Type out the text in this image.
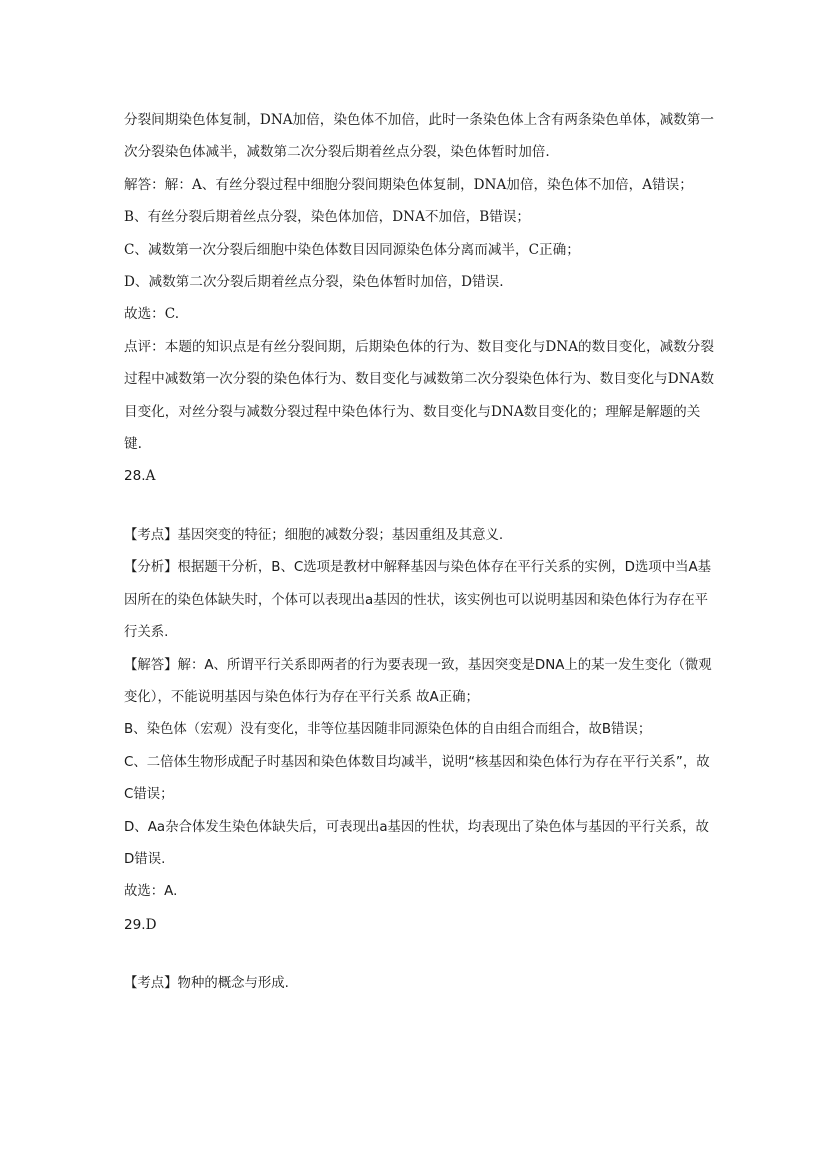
分裂间期染色体复制，DNA加倍，染色体不加倍，此时一条染色体上含有两条染色单体，减数第一次分裂染色体减半，减数第二次分裂后期着丝点分裂，染色体暂时加倍.

解答：解：A、有丝分裂过程中细胞分裂间期染色体复制，DNA加倍，染色体不加倍，A错误；

B、有丝分裂后期着丝点分裂，染色体加倍，DNA不加倍，B错误；

C、减数第一次分裂后细胞中染色体数目因同源染色体分离而减半，C正确；

D、减数第二次分裂后期着丝点分裂，染色体暂时加倍，D错误.

故选：C.

点评：本题的知识点是有丝分裂间期，后期染色体的行为、数目变化与DNA的数目变化，减数分裂过程中减数第一次分裂的染色体行为、数目变化与减数第二次分裂染色体行为、数目变化与DNA数目变化，对丝分裂与减数分裂过程中染色体行为、数目变化与DNA数目变化的；理解是解题的关键.

28.A

【考点】基因突变的特征；细胞的减数分裂；基因重组及其意义.

【分析】根据题干分析，B、C选项是教材中解释基因与染色体存在平行关系的实例，D选项中当A基因所在的染色体缺失时，个体可以表现出a基因的性状，该实例也可以说明基因和染色体行为存在平行关系.

【解答】解：A、所谓平行关系即两者的行为要表现一致，基因突变是DNA上的某一发生变化（微观变化），不能说明基因与染色体行为存在平行关系 故A正确；

B、染色体（宏观）没有变化，非等位基因随非同源染色体的自由组合而组合，故B错误；

C、二倍体生物形成配子时基因和染色体数目均减半，说明“核基因和染色体行为存在平行关系”，故C错误；

D、Aa杂合体发生染色体缺失后，可表现出a基因的性状，均表现出了染色体与基因的平行关系，故D错误.

故选：A.

29.D

【考点】物种的概念与形成.
